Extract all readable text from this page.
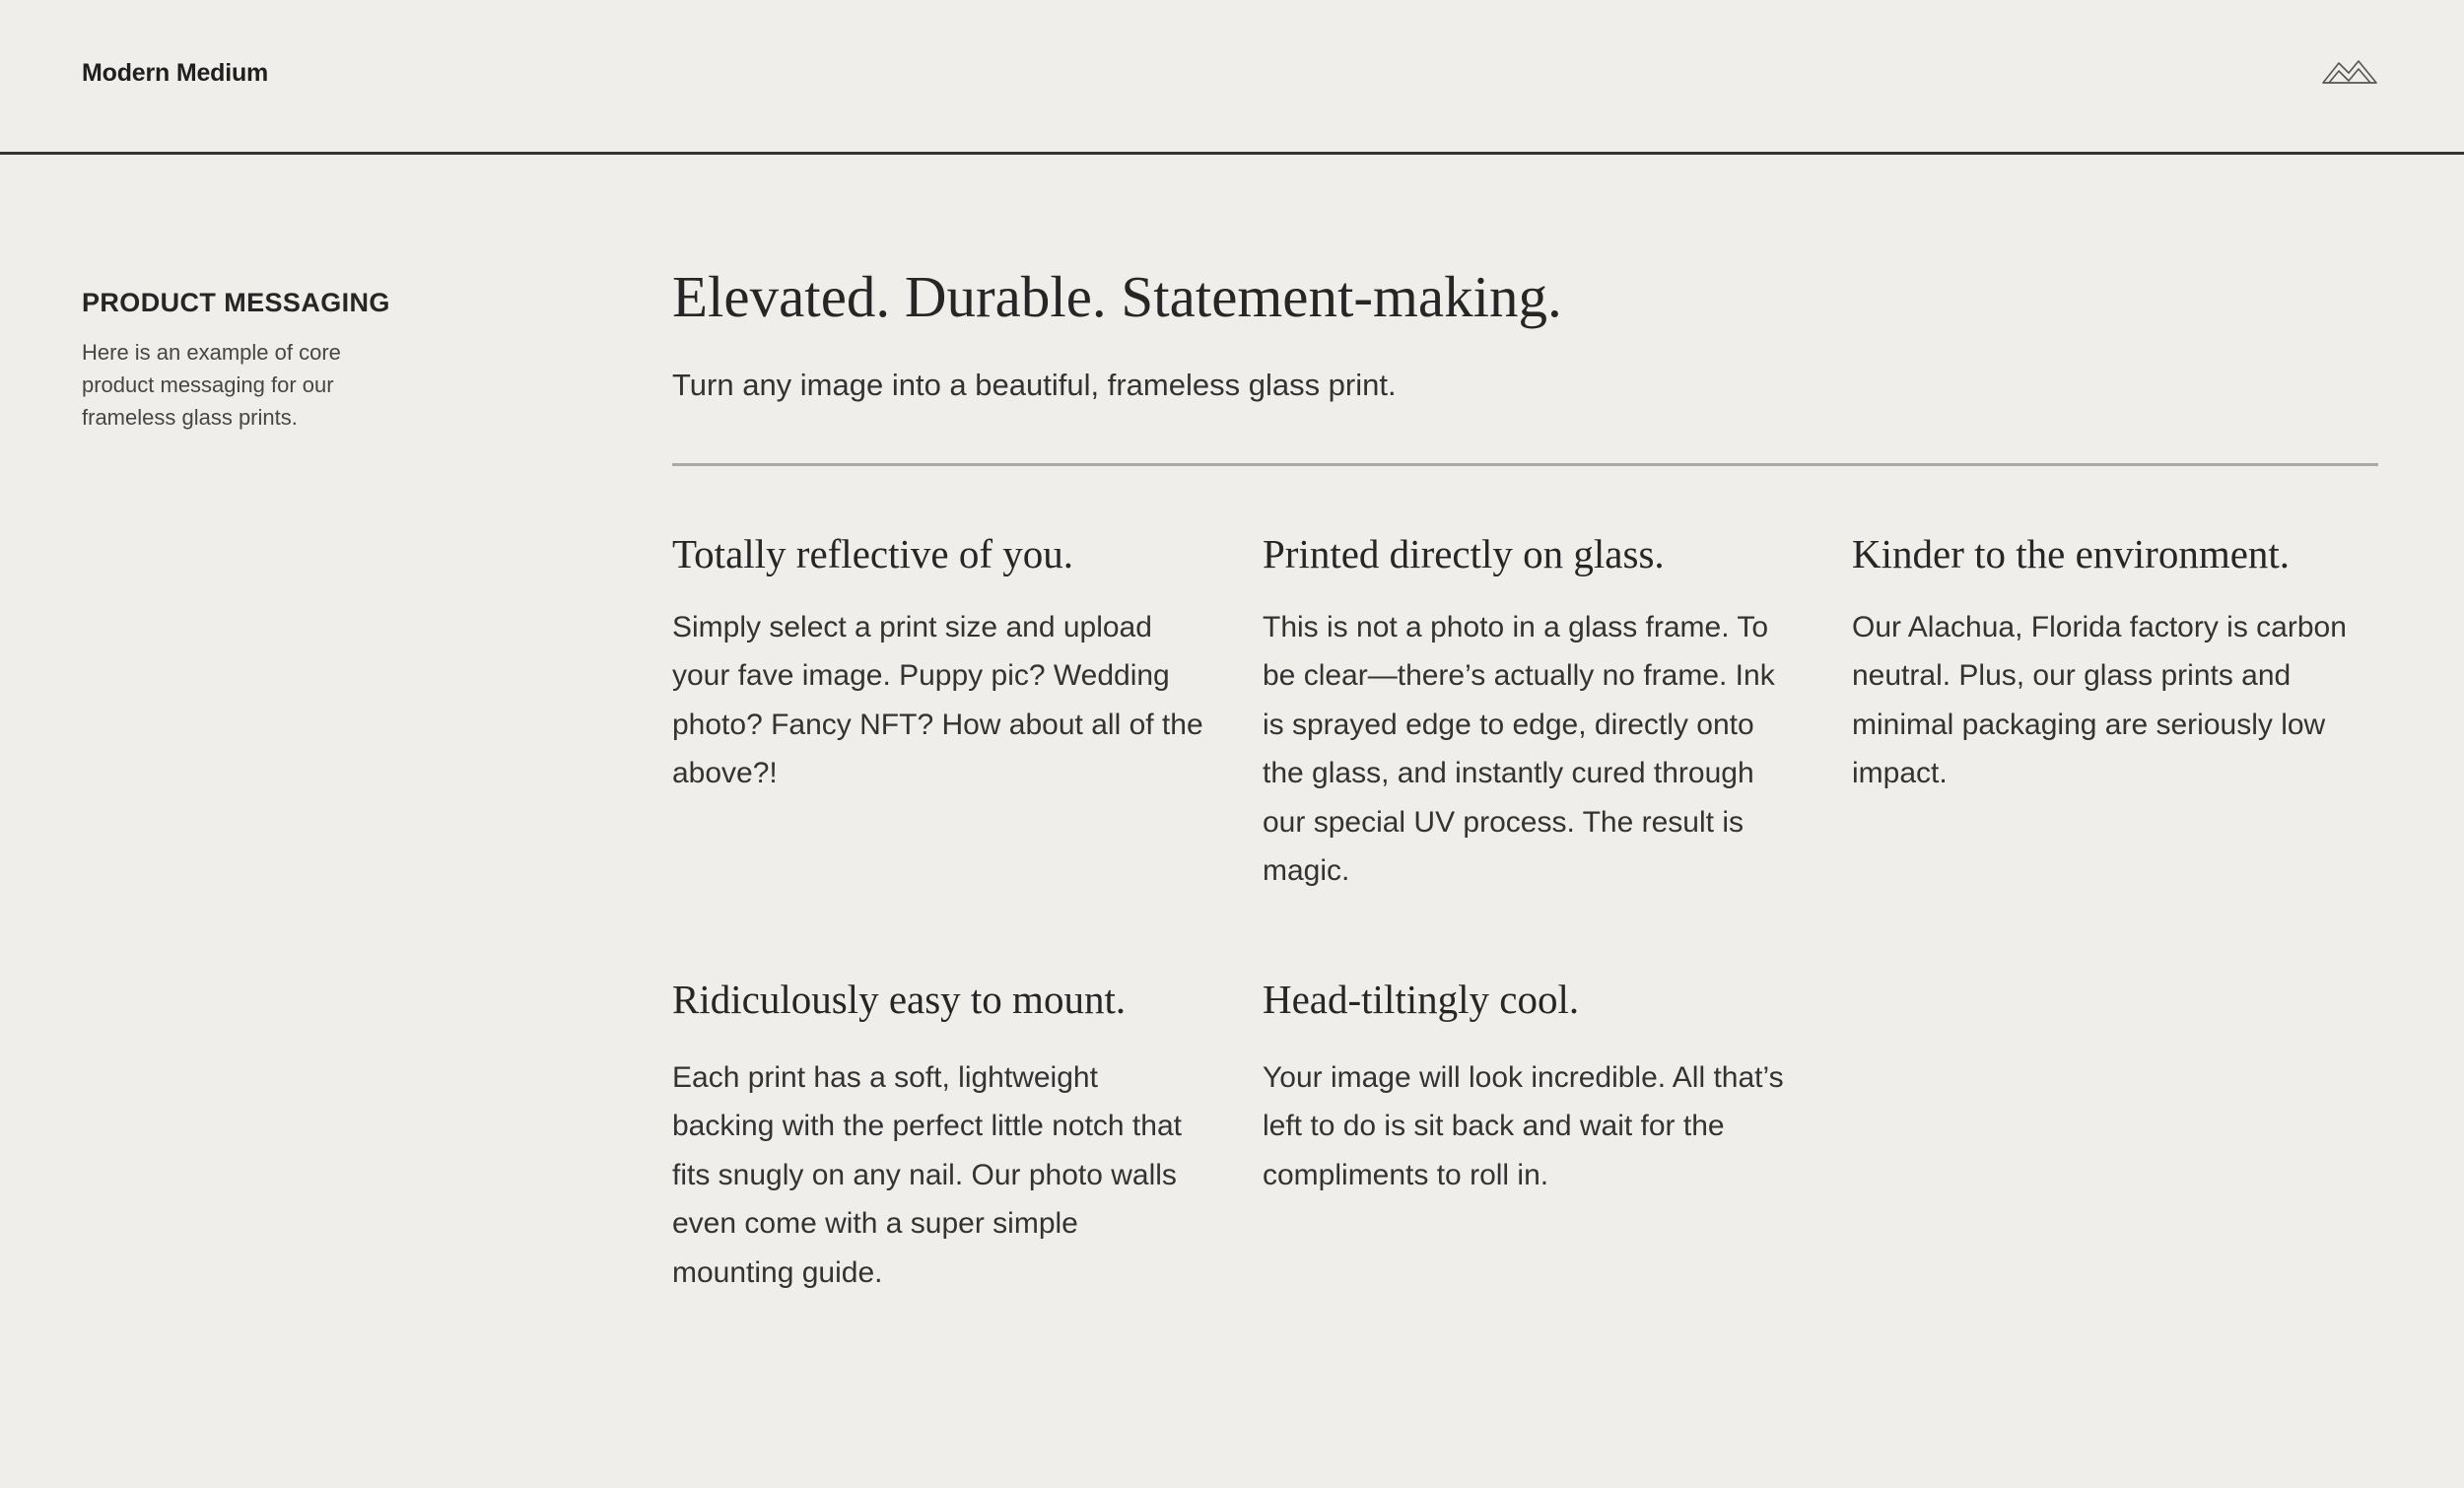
Modern Medium
PRODUCT MESSAGING

Here is an example of core product messaging for our frameless glass prints.

Elevated. Durable. Statement-making.

Turn any image into a beautiful, frameless glass print.

Totally reflective of you.

Simply select a print size and upload your fave image. Puppy pic? Wedding photo? Fancy NFT? How about all of the above?!

Printed directly on glass.

This is not a photo in a glass frame. To be clear—there’s actually no frame. Ink is sprayed edge to edge, directly onto the glass, and instantly cured through our special UV process. The result is magic.

Kinder to the environment.

Our Alachua, Florida factory is carbon neutral. Plus, our glass prints and minimal packaging are seriously low impact.

Ridiculously easy to mount.

Each print has a soft, lightweight backing with the perfect little notch that fits snugly on any nail. Our photo walls even come with a super simple mounting guide.

Head-tiltingly cool.

Your image will look incredible. All that’s left to do is sit back and wait for the compliments to roll in.
